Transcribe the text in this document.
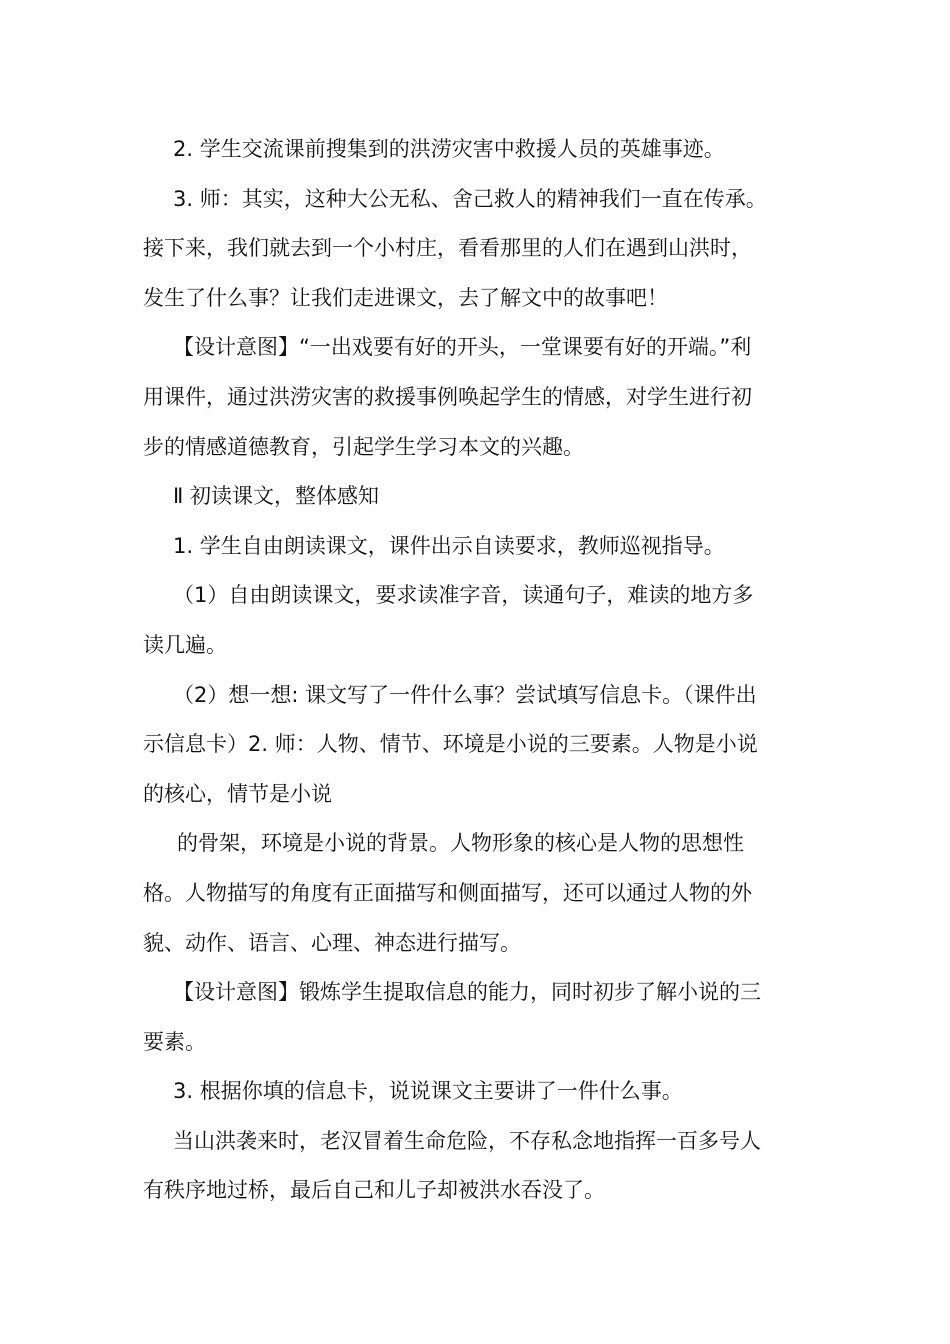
2. 学生交流课前搜集到的洪涝灾害中救援人员的英雄事迹。

3. 师：其实，这种大公无私、舍己救人的精神我们一直在传承。

接下来，我们就去到一个小村庄，看看那里的人们在遇到山洪时，

发生了什么事？让我们走进课文，去了解文中的故事吧！

【设计意图】“一出戏要有好的开头，一堂课要有好的开端。”利

用课件，通过洪涝灾害的救援事例唤起学生的情感，对学生进行初

步的情感道德教育，引起学生学习本文的兴趣。

Ⅱ 初读课文，整体感知

1. 学生自由朗读课文，课件出示自读要求，教师巡视指导。

（1）自由朗读课文，要求读准字音，读通句子，难读的地方多

读几遍。

（2）想一想: 课文写了一件什么事？尝试填写信息卡。（课件出

示信息卡）2. 师：人物、情节、环境是小说的三要素。人物是小说

的核心，情节是小说

的骨架，环境是小说的背景。人物形象的核心是人物的思想性

格。人物描写的角度有正面描写和侧面描写，还可以通过人物的外

貌、动作、语言、心理、神态进行描写。

【设计意图】锻炼学生提取信息的能力，同时初步了解小说的三

要素。

3. 根据你填的信息卡，说说课文主要讲了一件什么事。

当山洪袭来时，老汉冒着生命危险，不存私念地指挥一百多号人

有秩序地过桥，最后自己和儿子却被洪水吞没了。
